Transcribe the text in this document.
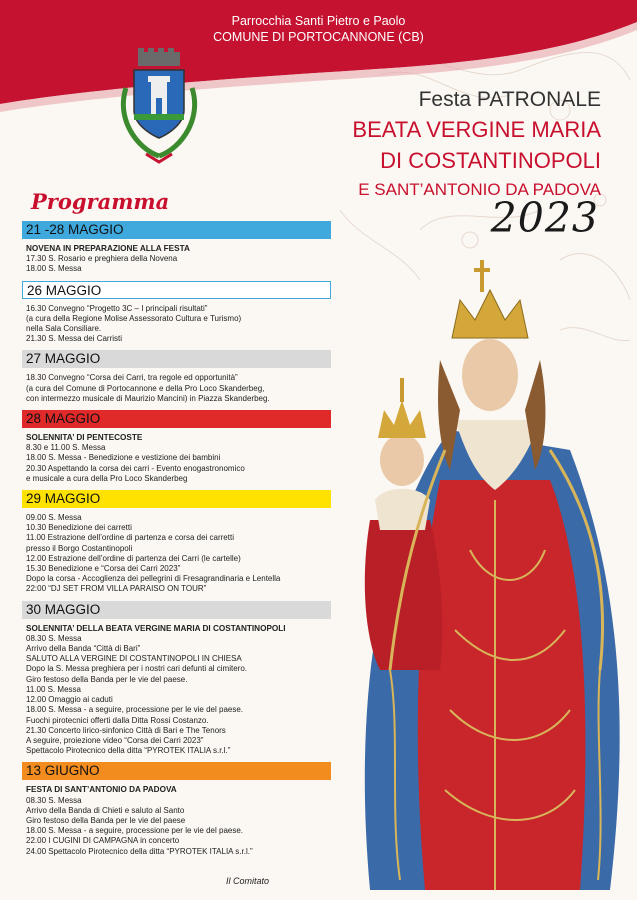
Parrocchia Santi Pietro e Paolo
COMUNE DI PORTOCANNONE (CB)
Festa PATRONALE
BEATA VERGINE MARIA
DI COSTANTINOPOLI
E SANT’ANTONIO DA PADOVA
2023
Programma
21 -28 MAGGIO
NOVENA IN PREPARAZIONE ALLA FESTA
17.30 S. Rosario e preghiera della Novena
18.00 S. Messa
26 MAGGIO
16.30 Convegno “Progetto 3C – I principali risultati”
(a cura della Regione Molise Assessorato Cultura e Turismo)
nella Sala Consiliare.
21.30 S. Messa dei Carristi
27 MAGGIO
18.30 Convegno “Corsa dei Carri, tra regole ed opportunità”
(a cura del Comune di Portocannone e della Pro Loco Skanderbeg,
con intermezzo musicale di Maurizio Mancini) in Piazza Skanderbeg.
28 MAGGIO
SOLENNITA’ DI PENTECOSTE
8.30 e 11.00 S. Messa
18.00 S. Messa - Benedizione e vestizione dei bambini
20.30 Aspettando la corsa dei carri - Evento enogastronomico
e musicale a cura della Pro Loco Skanderbeg
29 MAGGIO
09.00 S. Messa
10.30 Benedizione dei carretti
11.00 Estrazione dell’ordine di partenza e corsa dei carretti
presso il Borgo Costantinopoli
12.00 Estrazione dell’ordine di partenza dei Carri (le cartelle)
15.30 Benedizione e “Corsa dei Carri 2023”
Dopo la corsa - Accoglienza dei pellegrini di Fresagrandinaria e Lentella
22:00 “DJ SET FROM VILLA PARAISO ON TOUR”
30 MAGGIO
SOLENNITA’ DELLA BEATA VERGINE MARIA DI COSTANTINOPOLI
08.30 S. Messa
Arrivo della Banda “Città di Bari”
SALUTO ALLA VERGINE DI COSTANTINOPOLI IN CHIESA
Dopo la S. Messa preghiera per i nostri cari defunti al cimitero.
Giro festoso della Banda per le vie del paese.
11.00 S. Messa
12.00 Omaggio ai caduti
18.00 S. Messa - a seguire, processione per le vie del paese.
Fuochi pirotecnici offerti dalla Ditta Rossi Costanzo.
21.30 Concerto lirico-sinfonico Città di Bari e The Tenors
A seguire, proiezione video “Corsa dei Carri 2023”
Spettacolo Pirotecnico della ditta “PYROTEK ITALIA s.r.l.”
13 GIUGNO
FESTA DI SANT’ANTONIO DA PADOVA
08.30 S. Messa
Arrivo della Banda di Chieti e saluto al Santo
Giro festoso della Banda per le vie del paese
18.00 S. Messa - a seguire, processione per le vie del paese.
22.00 I CUGINI DI CAMPAGNA in concerto
24.00 Spettacolo Pirotecnico della ditta “PYROTEK ITALIA s.r.l.”
Il Comitato
